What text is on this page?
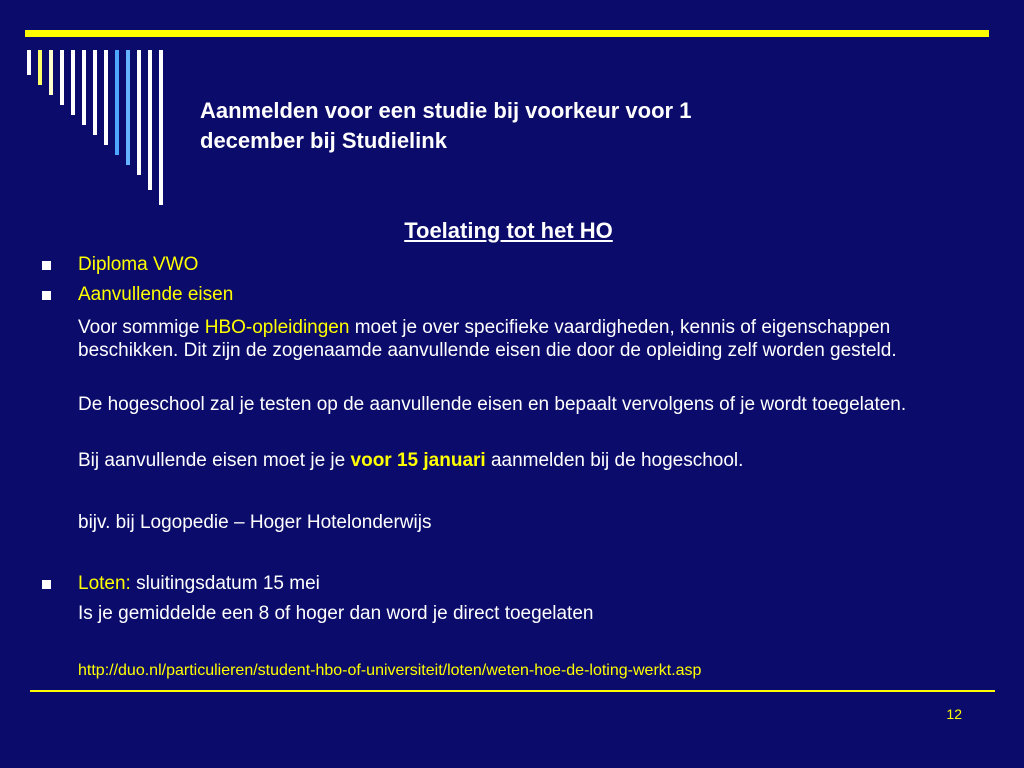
Aanmelden voor een studie bij voorkeur voor 1
december bij Studielink
Toelating tot het HO
Diploma VWO
Aanvullende eisen
Voor sommige HBO-opleidingen moet je over specifieke vaardigheden, kennis of eigenschappen beschikken. Dit zijn de zogenaamde aanvullende eisen die door de opleiding zelf worden gesteld.
De hogeschool zal je testen op de aanvullende eisen en bepaalt vervolgens of je wordt toegelaten.
Bij aanvullende eisen moet je je voor 15 januari aanmelden bij de hogeschool.
bijv. bij Logopedie – Hoger Hotelonderwijs
Loten: sluitingsdatum 15 mei
Is je gemiddelde een 8 of hoger dan word je direct toegelaten
http://duo.nl/particulieren/student-hbo-of-universiteit/loten/weten-hoe-de-loting-werkt.asp
12
